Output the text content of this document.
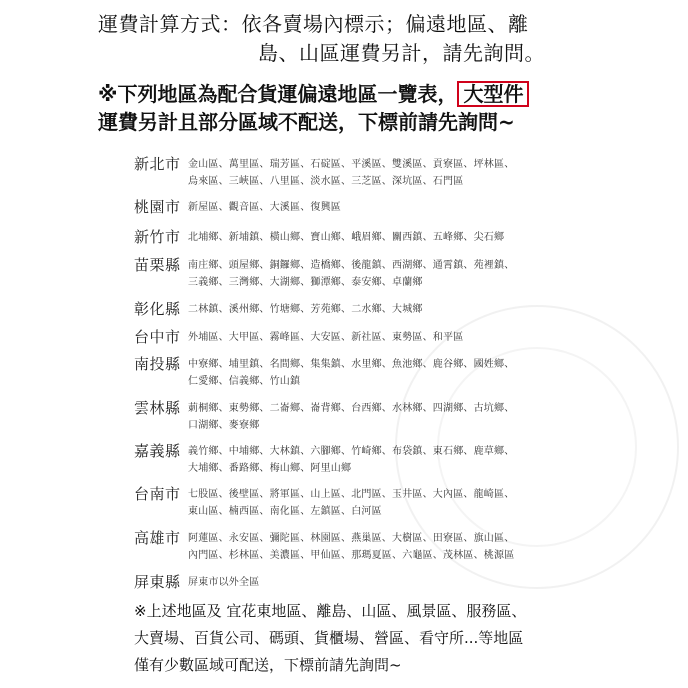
運費計算方式：依各賣場內標示；偏遠地區、離
島、山區運費另計，請先詢問。
※下列地區為配合貨運偏遠地區一覽表， 大型件
運費另計且部分區域不配送，下標前請先詢問~
新北市 金山區、萬里區、瑞芳區、石碇區、平溪區、雙溪區、貢寮區、坪林區、
烏來區、三峽區、八里區、淡水區、三芝區、深坑區、石門區
桃園市 新屋區、觀音區、大溪區、復興區
新竹市 北埔鄉、新埔鎮、橫山鄉、寶山鄉、峨眉鄉、關西鎮、五峰鄉、尖石鄉
苗栗縣 南庄鄉、頭屋鄉、銅鑼鄉、造橋鄉、後龍鎮、西湖鄉、通霄鎮、苑裡鎮、
三義鄉、三灣鄉、大湖鄉、獅潭鄉、泰安鄉、卓蘭鄉
彰化縣 二林鎮、溪州鄉、竹塘鄉、芳苑鄉、二水鄉、大城鄉
台中市 外埔區、大甲區、霧峰區、大安區、新社區、東勢區、和平區
南投縣 中寮鄉、埔里鎮、名間鄉、集集鎮、水里鄉、魚池鄉、鹿谷鄉、國姓鄉、
仁愛鄉、信義鄉、竹山鎮
雲林縣 莿桐鄉、東勢鄉、二崙鄉、崙背鄉、台西鄉、水林鄉、四湖鄉、古坑鄉、
口湖鄉、麥寮鄉
嘉義縣 義竹鄉、中埔鄉、大林鎮、六腳鄉、竹崎鄉、布袋鎮、東石鄉、鹿草鄉、
大埔鄉、番路鄉、梅山鄉、阿里山鄉
台南市 七股區、後壁區、將軍區、山上區、北門區、玉井區、大內區、龍崎區、
東山區、楠西區、南化區、左鎮區、白河區
高雄市 阿蓮區、永安區、彌陀區、林園區、燕巢區、大樹區、田寮區、旗山區、
內門區、杉林區、美濃區、甲仙區、那瑪夏區、六龜區、茂林區、桃源區
屏東縣 屏東市以外全區
※上述地區及 宜花東地區、離島、山區、風景區、服務區、
大賣場、百貨公司、碼頭、貨櫃場、營區、看守所...等地區
僅有少數區域可配送，下標前請先詢問~
